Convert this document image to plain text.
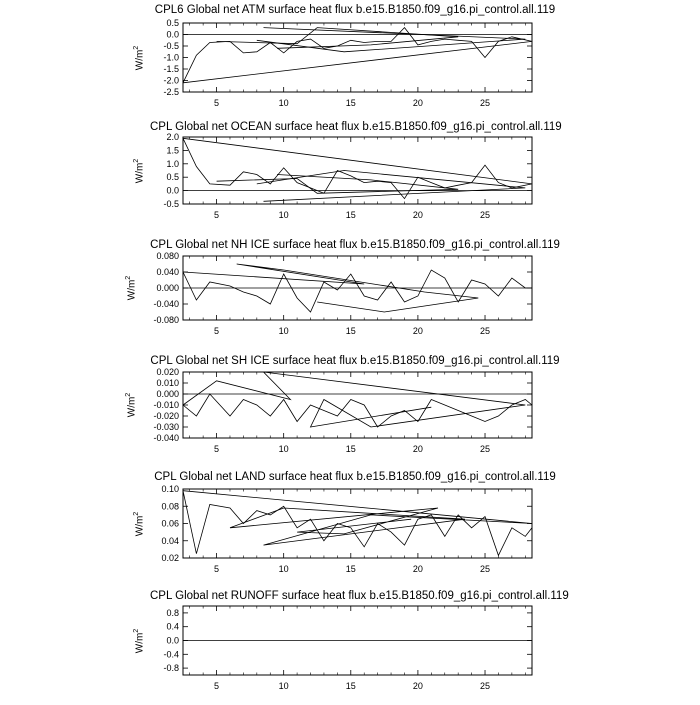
5	10	15	20	25
0.5
0.0
-0.5
-1.0
-1.5
-2.0
-2.5
5	10	15	20	25
2.0
1.5
1.0
0.5
0.0
-0.5
5	10	15	20	25
0.080
0.040
0.000
-0.040
-0.080
5	10	15	20	25
0.020
0.010
0.000
-0.010
-0.020
-0.030
-0.040
5	10	15	20	25
0.10
0.08
0.06
0.04
0.02
5	10	15	20	25
0.8
0.4
0.0
-0.4
-0.8
CPL6 Global net ATM surface heat flux b.e15.B1850.f09_g16.pi_control.all.119
$W/m^2$
CPL Global net OCEAN surface heat flux b.e15.B1850.f09_g16.pi_control.all.119
$W/m^2$
CPL Global net NH ICE surface heat flux b.e15.B1850.f09_g16.pi_control.all.119
$W/m^2$
CPL Global net SH ICE surface heat flux b.e15.B1850.f09_g16.pi_control.all.119
$W/m^2$
CPL Global net LAND surface heat flux b.e15.B1850.f09_g16.pi_control.all.119
$W/m^2$
CPL Global net RUNOFF surface heat flux b.e15.B1850.f09_g16.pi_control.all.119
$W/m^2$
